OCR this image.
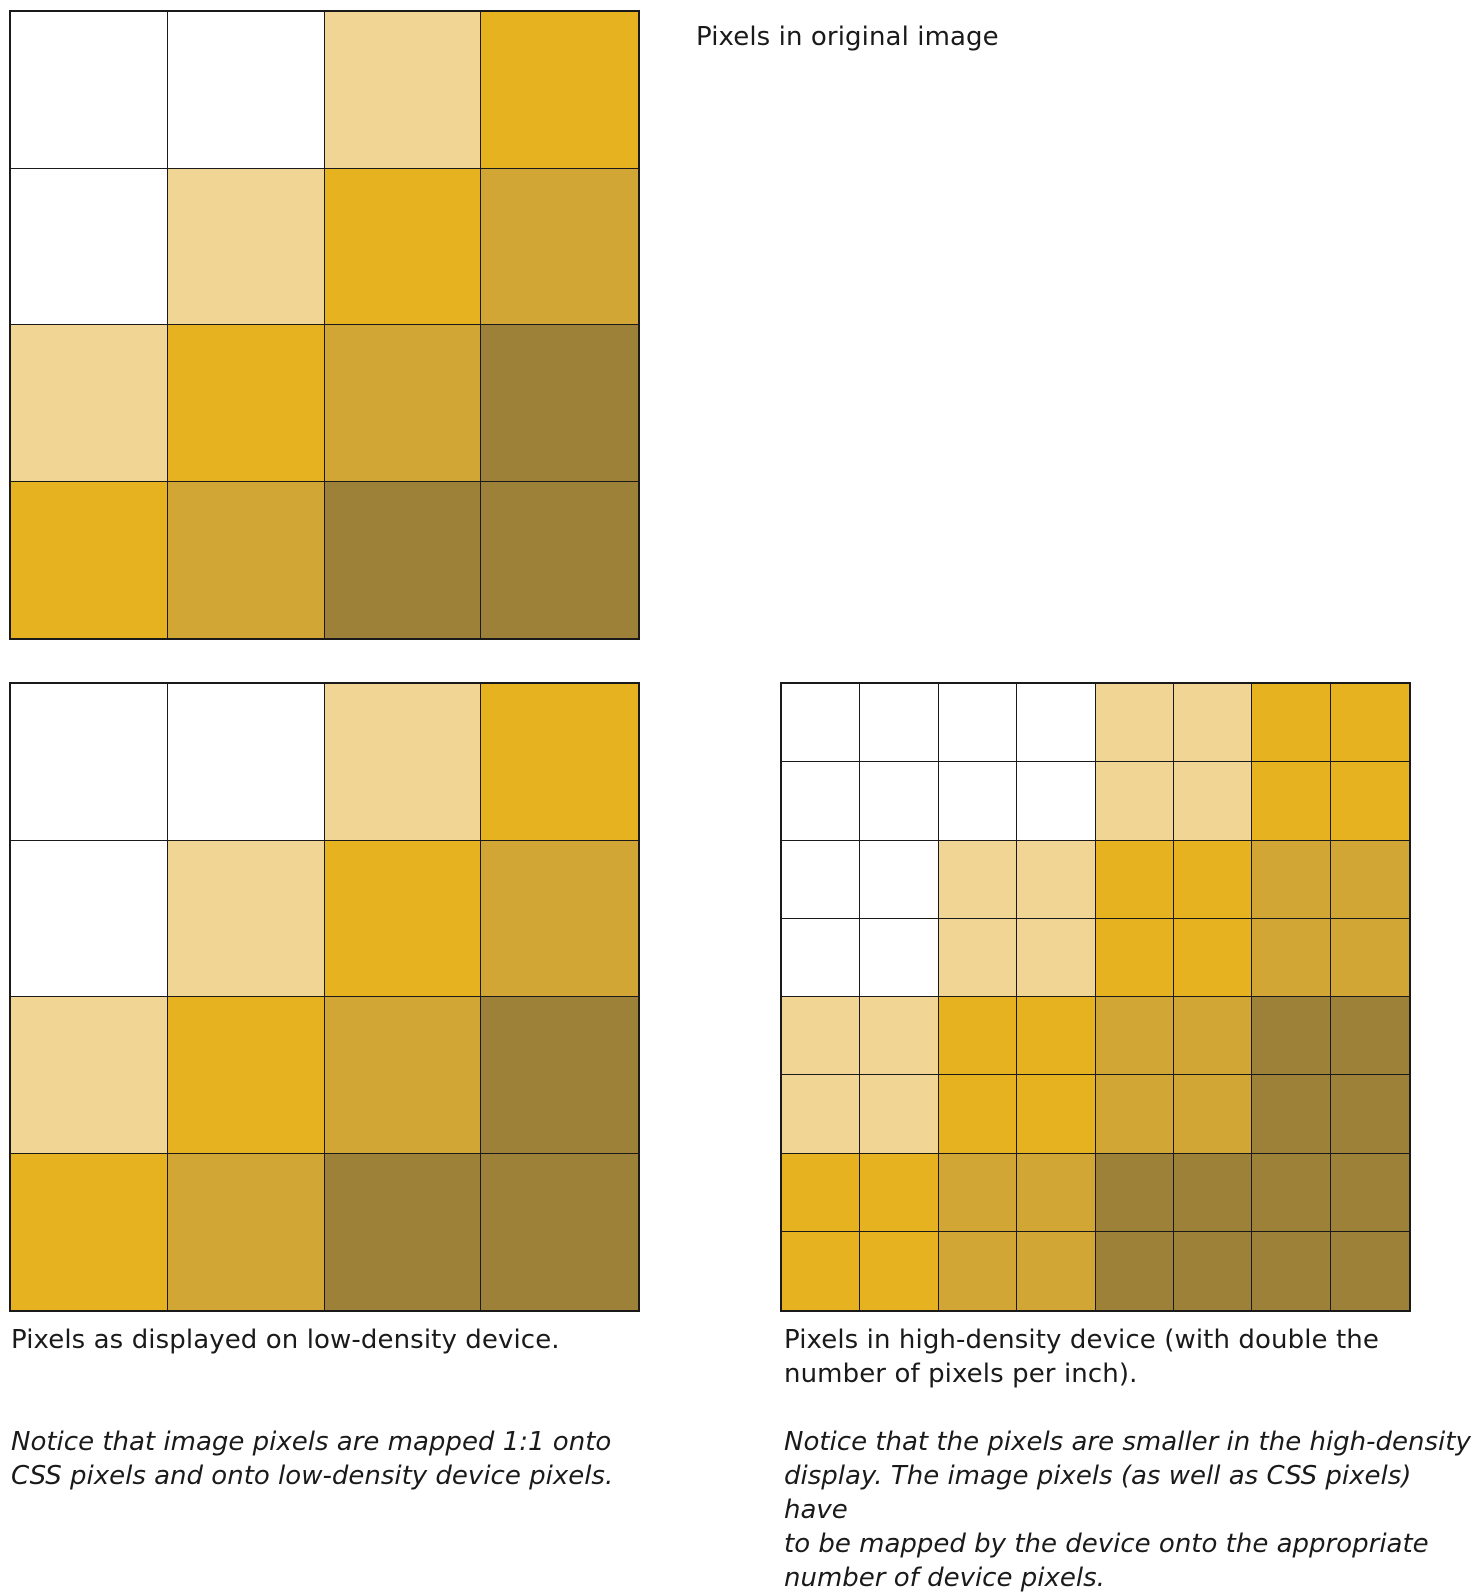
Pixels in original image
Pixels as displayed on low-density device.
Notice that image pixels are mapped 1:1 onto
CSS pixels and onto low-density device pixels.
Pixels in high-density device (with double the
number of pixels per inch).
Notice that the pixels are smaller in the high-density
display. The image pixels (as well as CSS pixels) have
to be mapped by the device onto the appropriate
number of device pixels.
